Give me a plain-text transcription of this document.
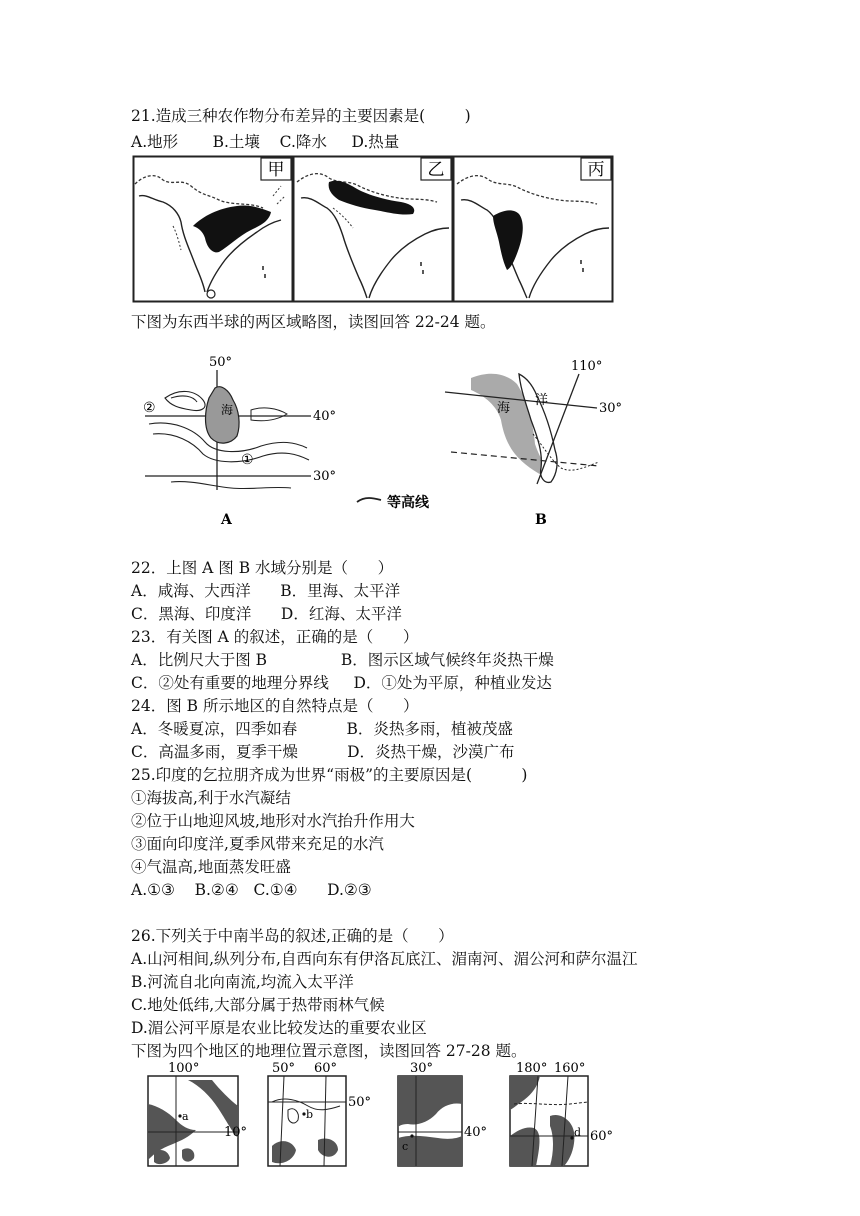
21.造成三种农作物分布差异的主要因素是(        )
A.地形       B.土壤    C.降水     D.热量
甲	乙	丙
下图为东西半球的两区域略图，读图回答 22-24 题。
50°
40°
30°
海
②
①
A
等高线
30°
110°
海
洋
B
22．上图 A 图 B 水域分别是（      ）
A．咸海、大西洋      B．里海、太平洋
C．黑海、印度洋      D．红海、太平洋
23．有关图 A 的叙述，正确的是（      ）
A．比例尺大于图 B               B．图示区域气候终年炎热干燥
C．②处有重要的地理分界线     D．①处为平原，种植业发达
24．图 B 所示地区的自然特点是（      ）
A．冬暖夏凉，四季如春          B．炎热多雨，植被茂盛
C．高温多雨，夏季干燥          D．炎热干燥，沙漠广布
25.印度的乞拉朋齐成为世界“雨极”的主要原因是(          )
①海拔高,利于水汽凝结
②位于山地迎风坡,地形对水汽抬升作用大
③面向印度洋,夏季风带来充足的水汽
④气温高,地面蒸发旺盛
A.①③    B.②④   C.①④      D.②③
26.下列关于中南半岛的叙述,正确的是（      ）
A.山河相间,纵列分布,自西向东有伊洛瓦底江、湄南河、湄公河和萨尔温江
B.河流自北向南流,均流入太平洋
C.地处低纬,大部分属于热带雨林气候
D.湄公河平原是农业比较发达的重要农业区
下图为四个地区的地理位置示意图，读图回答 27-28 题。
a
100°
10°
b
50° 60°
50°
c
30°
40°	d
180° 160°
60°
